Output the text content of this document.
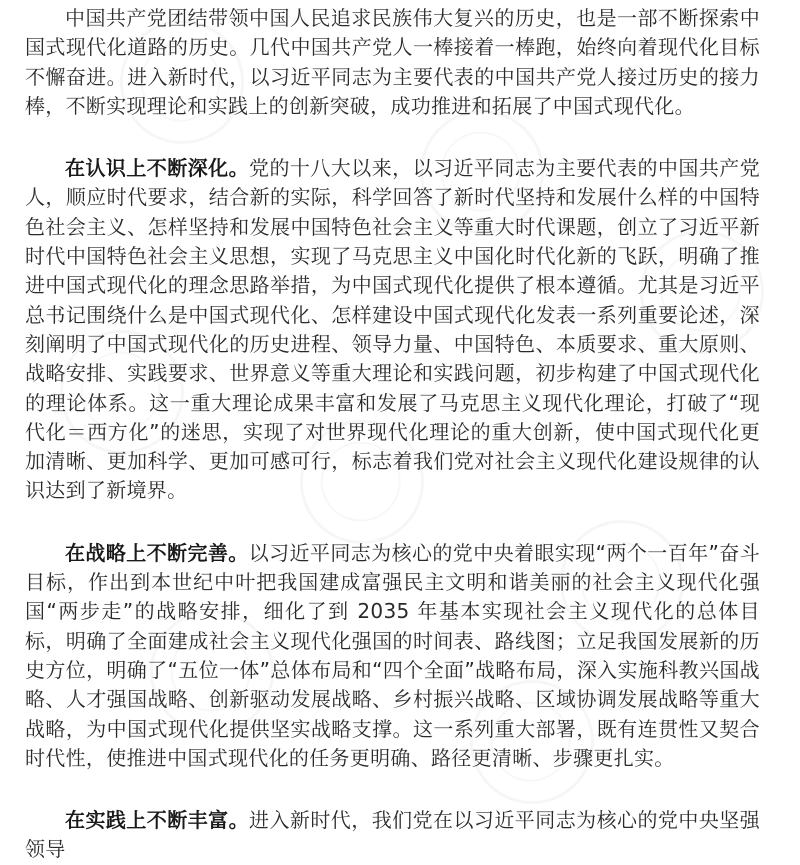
中国共产党团结带领中国人民追求民族伟大复兴的历史，也是一部不断探索中国式现代化道路的历史。几代中国共产党人一棒接着一棒跑，始终向着现代化目标不懈奋进。进入新时代，以习近平同志为主要代表的中国共产党人接过历史的接力棒，不断实现理论和实践上的创新突破，成功推进和拓展了中国式现代化。

在认识上不断深化。党的十八大以来，以习近平同志为主要代表的中国共产党人，顺应时代要求，结合新的实际，科学回答了新时代坚持和发展什么样的中国特色社会主义、怎样坚持和发展中国特色社会主义等重大时代课题，创立了习近平新时代中国特色社会主义思想，实现了马克思主义中国化时代化新的飞跃，明确了推进中国式现代化的理念思路举措，为中国式现代化提供了根本遵循。尤其是习近平总书记围绕什么是中国式现代化、怎样建设中国式现代化发表一系列重要论述，深刻阐明了中国式现代化的历史进程、领导力量、中国特色、本质要求、重大原则、战略安排、实践要求、世界意义等重大理论和实践问题，初步构建了中国式现代化的理论体系。这一重大理论成果丰富和发展了马克思主义现代化理论，打破了“现代化＝西方化”的迷思，实现了对世界现代化理论的重大创新，使中国式现代化更加清晰、更加科学、更加可感可行，标志着我们党对社会主义现代化建设规律的认识达到了新境界。

在战略上不断完善。以习近平同志为核心的党中央着眼实现“两个一百年”奋斗目标，作出到本世纪中叶把我国建成富强民主文明和谐美丽的社会主义现代化强国“两步走”的战略安排，细化了到 2035 年基本实现社会主义现代化的总体目标，明确了全面建成社会主义现代化强国的时间表、路线图；立足我国发展新的历史方位，明确了“五位一体”总体布局和“四个全面”战略布局，深入实施科教兴国战略、人才强国战略、创新驱动发展战略、乡村振兴战略、区域协调发展战略等重大战略，为中国式现代化提供坚实战略支撑。这一系列重大部署，既有连贯性又契合时代性，使推进中国式现代化的任务更明确、路径更清晰、步骤更扎实。

在实践上不断丰富。进入新时代，我们党在以习近平同志为核心的党中央坚强领导
